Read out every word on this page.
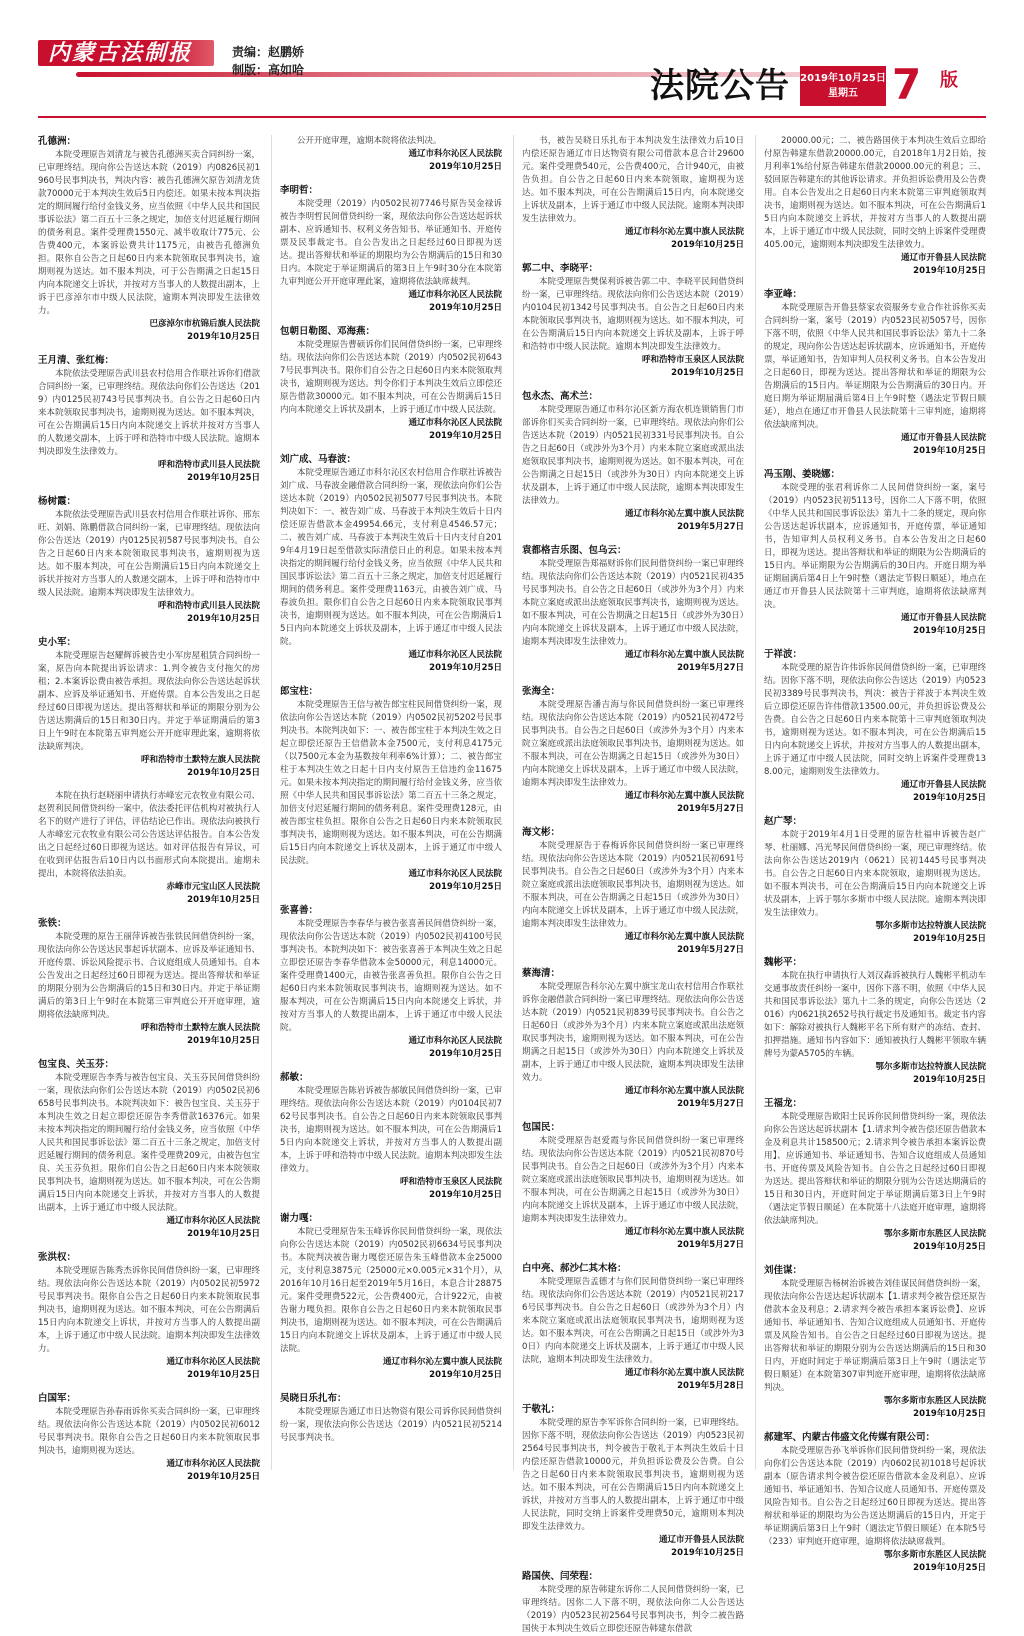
内蒙古法制报	责编：赵鹏娇
制版：高如哈	法院公告 2019年10月25日
星期五 7 版
孔德洲：
本院受理原告刘清龙与被告孔德洲买卖合同纠纷一案，已审理终结。现向你公告送达本院（2019）内0826民初1960号民事判决书，判决内容：被告孔德洲欠原告刘清龙货款70000元于本判决生效后5日内偿还。如果未按本判决指定的期间履行给付金钱义务，应当依照《中华人民共和国民事诉讼法》第二百五十三条之规定，加倍支付迟延履行期间的债务利息。案件受理费1550元、减半收取计775元、公告费400元，本案诉讼费共计1175元，由被告孔德洲负担。限你自公告之日起60日内来本院领取民事判决书，逾期则视为送达。如不服本判决，可于公告期满之日起15日内向本院递交上诉状，并按对方当事人的人数提出副本，上诉于巴彦淖尔市中级人民法院，逾期本判决即发生法律效力。
巴彦淖尔市杭锦后旗人民法院
2019年10月25日
王月清、张红梅：
本院依法受理原告武川县农村信用合作联社诉你们借款合同纠纷一案，已审理终结。现依法向你们公告送达（2019）内0125民初743号民事判决书。自公告之日起60日内来本院领取民事判决书，逾期则视为送达。如不服本判决，可在公告期满后15日内向本院递交上诉状并按对方当事人的人数递交副本，上诉于呼和浩特市中级人民法院。逾期本判决即发生法律效力。
呼和浩特市武川县人民法院
2019年10月25日
杨树霞：
本院依法受理原告武川县农村信用合作联社诉你、邢东旺、刘娟、陈鹏借款合同纠纷一案，已审理终结。现依法向你公告送达（2019）内0125民初587号民事判决书。自公告之日起60日内来本院领取民事判决书，逾期则视为送达。如不服本判决，可在公告期满后15日内向本院递交上诉状并按对方当事人的人数递交副本，上诉于呼和浩特市中级人民法院。逾期本判决即发生法律效力。
呼和浩特市武川县人民法院
2019年10月25日
史小军：
本院受理原告赵耀辉诉被告史小军房屋租赁合同纠纷一案，原告向本院提出诉讼请求：1.判令被告支付拖欠的房租；2.本案诉讼费由被告承担。现依法向你公告送达起诉状副本、应诉及举证通知书、开庭传票。自本公告发出之日起经过60日即视为送达。提出答辩状和举证的期限分别为公告送达期满后的15日和30日内。并定于举证期满后的第3日上午9时在本院第五审判庭公开开庭审理此案，逾期将依法缺席判决。
呼和浩特市土默特左旗人民法院
2019年10月25日
本院在执行赵晓丽申请执行赤峰宏元农牧业有限公司、赵贺利民间借贷纠纷一案中，依法委托评估机构对被执行人名下的财产进行了评估，评估结论已作出。现依法向被执行人赤峰宏元农牧业有限公司公告送达评估报告。自本公告发出之日起经过60日即视为送达。如对评估报告有异议，可在收到评估报告后10日内以书面形式向本院提出。逾期未提出，本院将依法拍卖。
赤峰市元宝山区人民法院
2019年10月25日
张铁：
本院受理的原告王丽萍诉被告张铁民间借贷纠纷一案，现依法向你公告送达民事起诉状副本、应诉及举证通知书、开庭传票、诉讼风险提示书、合议庭组成人员通知书。自本公告发出之日起经过60日即视为送达。提出答辩状和举证的期限分别为公告期满后的15日和30日内。并定于举证期满后的第3日上午9时在本院第三审判庭公开开庭审理，逾期将依法缺席判决。
呼和浩特市土默特左旗人民法院
2019年10月25日
包宝良、关玉芬：
本院受理原告李秀与被告包宝良、关玉芬民间借贷纠纷一案，现依法向你们公告送达本院（2019）内0502民初6658号民事判决书。本院判决如下：被告包宝良、关玉芬于本判决生效之日起立即偿还原告李秀借款16376元。如果未按本判决指定的期间履行给付金钱义务，应当依照《中华人民共和国民事诉讼法》第二百五十三条之规定，加倍支付迟延履行期间的债务利息。案件受理费209元，由被告包宝良、关玉芬负担。限你们自公告之日起60日内来本院领取民事判决书，逾期则视为送达。如不服本判决，可在公告期满后15日内向本院递交上诉状，并按对方当事人的人数提出副本，上诉于通辽市中级人民法院。
通辽市科尔沁区人民法院
2019年10月25日
张洪权：
本院受理原告陈秀杰诉你民间借贷纠纷一案，已审理终结。现依法向你公告送达本院（2019）内0502民初5972号民事判决书。限你自公告之日起60日内来本院领取民事判决书，逾期则视为送达。如不服本判决，可在公告期满后15日内向本院递交上诉状，并按对方当事人的人数提出副本，上诉于通辽市中级人民法院。逾期本判决即发生法律效力。
通辽市科尔沁区人民法院
2019年10月25日
白国军：
本院受理原告孙春雨诉你买卖合同纠纷一案，已审理终结。现依法向你公告送达本院（2019）内0502民初6012号民事判决书。限你自公告之日起60日内来本院领取民事判决书，逾期则视为送达。
通辽市科尔沁区人民法院
2019年10月25日
公开开庭审理，逾期本院将依法判决。
通辽市科尔沁区人民法院
2019年10月25日
李明哲：
本院受理（2019）内0502民初7746号原告吴金禄诉被告李明哲民间借贷纠纷一案，现依法向你公告送达起诉状副本、应诉通知书、权利义务告知书、举证通知书、开庭传票及民事裁定书。自公告发出之日起经过60日即视为送达。提出答辩状和举证的期限均为公告期满后的15日和30日内。本院定于举证期满后的第3日上午9时30分在本院第九审判庭公开开庭审理此案，逾期将依法缺席裁判。
通辽市科尔沁区人民法院
2019年10月25日
包朝日勒图、邓海燕：
本院受理原告曹硕诉你们民间借贷纠纷一案，已审理终结。现依法向你们公告送达本院（2019）内0502民初6437号民事判决书。限你们自公告之日起60日内来本院领取判决书，逾期则视为送达。判令你们于本判决生效后立即偿还原告借款30000元。如不服本判决，可在公告期满后15日内向本院递交上诉状及副本，上诉于通辽市中级人民法院。
通辽市科尔沁区人民法院
2019年10月25日
刘广成、马春波：
本院受理原告通辽市科尔沁区农村信用合作联社诉被告刘广成、马春波金融借款合同纠纷一案，现依法向你们公告送达本院（2019）内0502民初5077号民事判决书。本院判决如下：一、被告刘广成、马春波于本判决生效后十日内偿还原告借款本金49954.66元，支付利息4546.57元；二、被告刘广成、马春波于本判决生效后十日内支付自2019年4月19日起至借款实际清偿日止的利息。如果未按本判决指定的期间履行给付金钱义务，应当依照《中华人民共和国民事诉讼法》第二百五十三条之规定，加倍支付迟延履行期间的债务利息。案件受理费1163元，由被告刘广成、马春波负担。限你们自公告之日起60日内来本院领取民事判决书，逾期则视为送达。如不服本判决，可在公告期满后15日内向本院递交上诉状及副本，上诉于通辽市中级人民法院。
通辽市科尔沁区人民法院
2019年10月25日
郎宝柱：
本院受理原告王信与被告郎宝柱民间借贷纠纷一案，现依法向你公告送达本院（2019）内0502民初5202号民事判决书。本院判决如下：一、被告郎宝柱于本判决生效之日起立即偿还原告王信借款本金7500元，支付利息4175元（以7500元本金为基数按年利率6%计算）；二、被告郎宝柱于本判决生效之日起十日内支付原告王信违约金11675元。如果未按本判决指定的期间履行给付金钱义务，应当依照《中华人民共和国民事诉讼法》第二百五十三条之规定，加倍支付迟延履行期间的债务利息。案件受理费128元，由被告郎宝柱负担。限你自公告之日起60日内来本院领取民事判决书，逾期则视为送达。如不服本判决，可在公告期满后15日内向本院递交上诉状及副本，上诉于通辽市中级人民法院。
通辽市科尔沁区人民法院
2019年10月25日
张喜善：
本院受理原告李春华与被告张喜善民间借贷纠纷一案，现依法向你公告送达本院（2019）内0502民初4100号民事判决书。本院判决如下：被告张喜善于本判决生效之日起立即偿还原告李春华借款本金50000元，利息14000元。案件受理费1400元，由被告张喜善负担。限你自公告之日起60日内来本院领取民事判决书，逾期则视为送达。如不服本判决，可在公告期满后15日内向本院递交上诉状，并按对方当事人的人数提出副本，上诉于通辽市中级人民法院。
通辽市科尔沁区人民法院
2019年10月25日
郝敏：
本院受理原告陈岩诉被告郝敏民间借贷纠纷一案，已审理终结。现依法向你公告送达本院（2019）内0104民初762号民事判决书。自公告之日起60日内来本院领取民事判决书，逾期则视为送达。如不服本判决，可在公告期满后15日内向本院递交上诉状，并按对方当事人的人数提出副本，上诉于呼和浩特市中级人民法院。逾期本判决即发生法律效力。
呼和浩特市玉泉区人民法院
2019年10月25日
谢力嘎：
本院已受理原告朱玉峰诉你民间借贷纠纷一案，现依法向你公告送达本院（2019）内0502民初6634号民事判决书。本院判决被告谢力嘎偿还原告朱玉峰借款本金25000元，支付利息3875元（25000元×0.005元×31个月），从2016年10月16日起至2019年5月16日，本息合计28875元。案件受理费522元，公告费400元，合计922元，由被告谢力嘎负担。限你自公告之日起60日内来本院领取民事判决书，逾期则视为送达。如不服本判决，可在公告期满后15日内向本院递交上诉状及副本，上诉于通辽市中级人民法院。
通辽市科尔沁左翼中旗人民法院
2019年10月25日
吴晓日乐扎布：
本院受理原告通辽市日达物资有限公司诉你民间借贷纠纷一案，现依法向你公告送达（2019）内0521民初5214号民事判决书。
书，被告吴晓日乐扎布于本判决发生法律效力后10日内偿还原告通辽市日达物资有限公司借款本息合计29600元。案件受理费540元，公告费400元，合计940元，由被告负担。自公告之日起60日内来本院领取，逾期视为送达。如不服本判决，可在公告期满后15日内，向本院递交上诉状及副本，上诉于通辽市中级人民法院。逾期本判决即发生法律效力。
通辽市科尔沁左翼中旗人民法院
2019年10月25日
郭二中、李晓平：
本院受理原告樊保利诉被告郭二中、李晓平民间借贷纠纷一案，已审理终结。现依法向你们公告送达本院（2019）内0104民初1342号民事判决书。自公告之日起60日内来本院领取民事判决书，逾期则视为送达。如不服本判决，可在公告期满后15日内向本院递交上诉状及副本，上诉于呼和浩特市中级人民法院。逾期本判决即发生法律效力。
呼和浩特市玉泉区人民法院
2019年10月25日
包永杰、高术兰：
本院受理原告通辽市科尔沁区新方海农机连锁销售门市部诉你们买卖合同纠纷一案，已审理终结。现依法向你们公告送达本院（2019）内0521民初331号民事判决书。自公告之日起60日（或涉外为3个月）内来本院立案庭或派出法庭领取民事判决书，逾期则视为送达。如不服本判决，可在公告期满之日起15日（或涉外为30日）内向本院递交上诉状及副本，上诉于通辽市中级人民法院，逾期本判决即发生法律效力。
通辽市科尔沁左翼中旗人民法院
2019年5月27日
袁都格吉乐图、包乌云：
本院受理原告郑福财诉你们民间借贷纠纷一案已审理终结。现依法向你们公告送达本院（2019）内0521民初435号民事判决书。自公告之日起60日（或涉外为3个月）内来本院立案庭或派出法庭领取民事判决书，逾期则视为送达。如不服本判决，可在公告期满之日起15日（或涉外为30日）内向本院递交上诉状及副本，上诉于通辽市中级人民法院，逾期本判决即发生法律效力。
通辽市科尔沁左翼中旗人民法院
2019年5月27日
张海全：
本院受理原告潘吉海与你民间借贷纠纷一案已审理终结。现依法向你公告送达本院（2019）内0521民初472号民事判决书。自公告之日起60日（或涉外为3个月）内来本院立案庭或派出法庭领取民事判决书，逾期则视为送达。如不服本判决，可在公告期满之日起15日（或涉外为30日）内向本院递交上诉状及副本，上诉于通辽市中级人民法院，逾期本判决即发生法律效力。
通辽市科尔沁左翼中旗人民法院
2019年5月27日
海文彬：
本院受理原告于春梅诉你民间借贷纠纷一案已审理终结。现依法向你公告送达本院（2019）内0521民初691号民事判决书。自公告之日起60日（或涉外为3个月）内来本院立案庭或派出法庭领取民事判决书，逾期则视为送达。如不服本判决，可在公告期满之日起15日（或涉外为30日）内向本院递交上诉状及副本，上诉于通辽市中级人民法院，逾期本判决即发生法律效力。
通辽市科尔沁左翼中旗人民法院
2019年5月27日
蔡海清：
本院受理原告科尔沁左翼中旗宝龙山农村信用合作联社诉你金融借款合同纠纷一案已审理终结。现依法向你公告送达本院（2019）内0521民初839号民事判决书。自公告之日起60日（或涉外为3个月）内来本院立案庭或派出法庭领取民事判决书，逾期则视为送达。如不服本判决，可在公告期满之日起15日（或涉外为30日）内向本院递交上诉状及副本，上诉于通辽市中级人民法院，逾期本判决即发生法律效力。
通辽市科尔沁左翼中旗人民法院
2019年5月27日
包国民：
本院受理原告赵爱霞与你民间借贷纠纷一案已审理终结。现依法向你公告送达本院（2019）内0521民初870号民事判决书。自公告之日起60日（或涉外为3个月）内来本院立案庭或派出法庭领取民事判决书，逾期则视为送达。如不服本判决，可在公告期满之日起15日（或涉外为30日）内向本院递交上诉状及副本，上诉于通辽市中级人民法院，逾期本判决即发生法律效力。
通辽市科尔沁左翼中旗人民法院
2019年5月27日
白中亮、郝沙仁其木格：
本院受理原告孟德才与你们民间借贷纠纷一案已审理终结。现依法向你们公告送达本院（2019）内0521民初2176号民事判决书。自公告之日起60日（或涉外为3个月）内来本院立案庭或派出法庭领取民事判决书，逾期则视为送达。如不服本判决，可在公告期满之日起15日（或涉外为30日）内向本院递交上诉状及副本，上诉于通辽市中级人民法院，逾期本判决即发生法律效力。
通辽市科尔沁左翼中旗人民法院
2019年5月28日
于敬礼：
本院受理的原告李军诉你合同纠纷一案，已审理终结。因你下落不明，现依法向你公告送达（2019）内0523民初2564号民事判决书，判令被告于敬礼于本判决生效后十日内偿还原告借款10000元，并负担诉讼费及公告费。自公告之日起60日内来本院领取民事判决书，逾期则视为送达。如不服本判决，可在公告期满后15日内向本院递交上诉状，并按对方当事人的人数提出副本，上诉于通辽市中级人民法院，同时交纳上诉案件受理费50元，逾期则本判决即发生法律效力。
通辽市开鲁县人民法院
2019年10月25日
路国侠、闫荣程：
本院受理的原告韩建东诉你二人民间借贷纠纷一案，已审理终结。因你二人下落不明，现依法向你二人公告送达（2019）内0523民初2564号民事判决书，判令二被告路国侠于本判决生效后立即偿还原告韩建东借款
20000.00元；二、被告路国侠于本判决生效后立即给付原告韩建东借款20000.00元，自2018年1月2日始，按月利率1%给付原告韩建东借款20000.00元的利息；三、驳回原告韩建东的其他诉讼请求。并负担诉讼费用及公告费用。自本公告发出之日起60日内来本院第三审判庭领取判决书，逾期则视为送达。如不服本判决，可在公告期满后15日内向本院递交上诉状，并按对方当事人的人数提出副本，上诉于通辽市中级人民法院，同时交纳上诉案件受理费405.00元，逾期则本判决即发生法律效力。
通辽市开鲁县人民法院
2019年10月25日
李亚峰：
本院受理原告开鲁县蔡家农资服务专业合作社诉你买卖合同纠纷一案，案号（2019）内0523民初5057号，因你下落不明，依照《中华人民共和国民事诉讼法》第九十二条的规定，现向你公告送达起诉状副本，应诉通知书，开庭传票，举证通知书，告知审判人员权利义务书。自本公告发出之日起60日，即视为送达。提出答辩状和举证的期限为公告期满后的15日内。举证期限为公告期满后的30日内。开庭日期为举证期届满后第4日上午9时整（遇法定节假日顺延），地点在通辽市开鲁县人民法院第十三审判庭，逾期将依法缺席判决。
通辽市开鲁县人民法院
2019年10月25日
冯玉刚、姜晓娜：
本院受理的张君利诉你二人民间借贷纠纷一案，案号（2019）内0523民初5113号，因你二人下落不明，依照《中华人民共和国民事诉讼法》第九十二条的规定，现向你公告送达起诉状副本，应诉通知书，开庭传票，举证通知书，告知审判人员权利义务书。自本公告发出之日起60日，即视为送达。提出答辩状和举证的期限为公告期满后的15日内。举证期限为公告期满后的30日内。开庭日期为举证期届满后第4日上午9时整（遇法定节假日顺延），地点在通辽市开鲁县人民法院第十三审判庭，逾期将依法缺席判决。
通辽市开鲁县人民法院
2019年10月25日
于祥波：
本院受理的原告许伟诉你民间借贷纠纷一案，已审理终结。因你下落不明，现依法向你公告送达（2019）内0523民初3389号民事判决书，判决：被告于祥波于本判决生效后立即偿还原告许伟借款13500.00元，并负担诉讼费及公告费。自公告之日起60日内来本院第十三审判庭领取判决书，逾期则视为送达。如不服本判决，可在公告期满后15日内向本院递交上诉状，并按对方当事人的人数提出副本，上诉于通辽市中级人民法院，同时交纳上诉案件受理费138.00元，逾期则发生法律效力。
通辽市开鲁县人民法院
2019年10月25日
赵广琴：
本院于2019年4月1日受理的原告杜福申诉被告赵广琴、杜丽娜、冯光琴民间借贷纠纷一案，现已审理终结。依法向你公告送达2019内（0621）民初1445号民事判决书。自公告之日起60日内来本院领取，逾期则视为送达。如不服本判决书，可在公告期满后15日内向本院递交上诉状及副本，上诉于鄂尔多斯市中级人民法院。逾期本判决即发生法律效力。
鄂尔多斯市达拉特旗人民法院
2019年10月25日
魏彬平：
本院在执行申请执行人刘汉森诉被执行人魏彬平机动车交通事故责任纠纷一案中，因你下落不明，依照《中华人民共和国民事诉讼法》第九十二条的规定，向你公告送达（2016）内0621执2652号执行裁定书及通知书。裁定书内容如下：解除对被执行人魏彬平名下所有财产的冻结、查封、扣押措施。通知书内容如下：通知被执行人魏彬平领取车辆牌号为蒙A5705的车辆。
鄂尔多斯市达拉特旗人民法院
2019年10月25日
王福龙：
本院受理原告欧阳士民诉你民间借贷纠纷一案，现依法向你公告送达起诉状副本【1.请求判令被告偿还原告借款本金及利息共计158500元；2.请求判令被告承担本案诉讼费用】、应诉通知书、举证通知书、告知合议庭组成人员通知书、开庭传票及风险告知书。自公告之日起经过60日即视为送达。提出答辩状和举证的期限分别为公告送达期满后的15日和30日内，开庭时间定于举证期满后第3日上午9时（遇法定节假日顺延）在本院第十八法庭开庭审理，逾期将依法缺席判决。
鄂尔多斯市东胜区人民法院
2019年10月25日
刘佳谋：
本院受理原告杨树治诉被告刘佳谋民间借贷纠纷一案，现依法向你公告送达起诉状副本【1.请求判令被告偿还原告借款本金及利息；2.请求判令被告承担本案诉讼费】、应诉通知书、举证通知书、告知合议庭组成人员通知书、开庭传票及风险告知书。自公告之日起经过60日即视为送达。提出答辩状和举证的期限分别为公告送达期满后的15日和30日内，开庭时间定于举证期满后第3日上午9时（遇法定节假日顺延）在本院第307审判庭开庭审理，逾期将依法缺席判决。
鄂尔多斯市东胜区人民法院
2019年10月25日
郝建军、内蒙古伟盛文化传媒有限公司：
本院受理原告孙飞举诉你们民间借贷纠纷一案，现依法向你们公告送达本院（2019）内0602民初1018号起诉状副本（原告请求判令被告偿还原告借款本金及利息）、应诉通知书、举证通知书、告知合议庭人员通知书、开庭传票及风险告知书。自公告之日起经过60日即视为送达。提出答辩状和举证的期限均为公告送达期满后的15日内，开定于举证期满后第3日上午9时（遇法定节假日顺延）在本院5号（233）审判庭开庭审理，逾期将依法缺席裁判。
鄂尔多斯市东胜区人民法院
2019年10月25日
